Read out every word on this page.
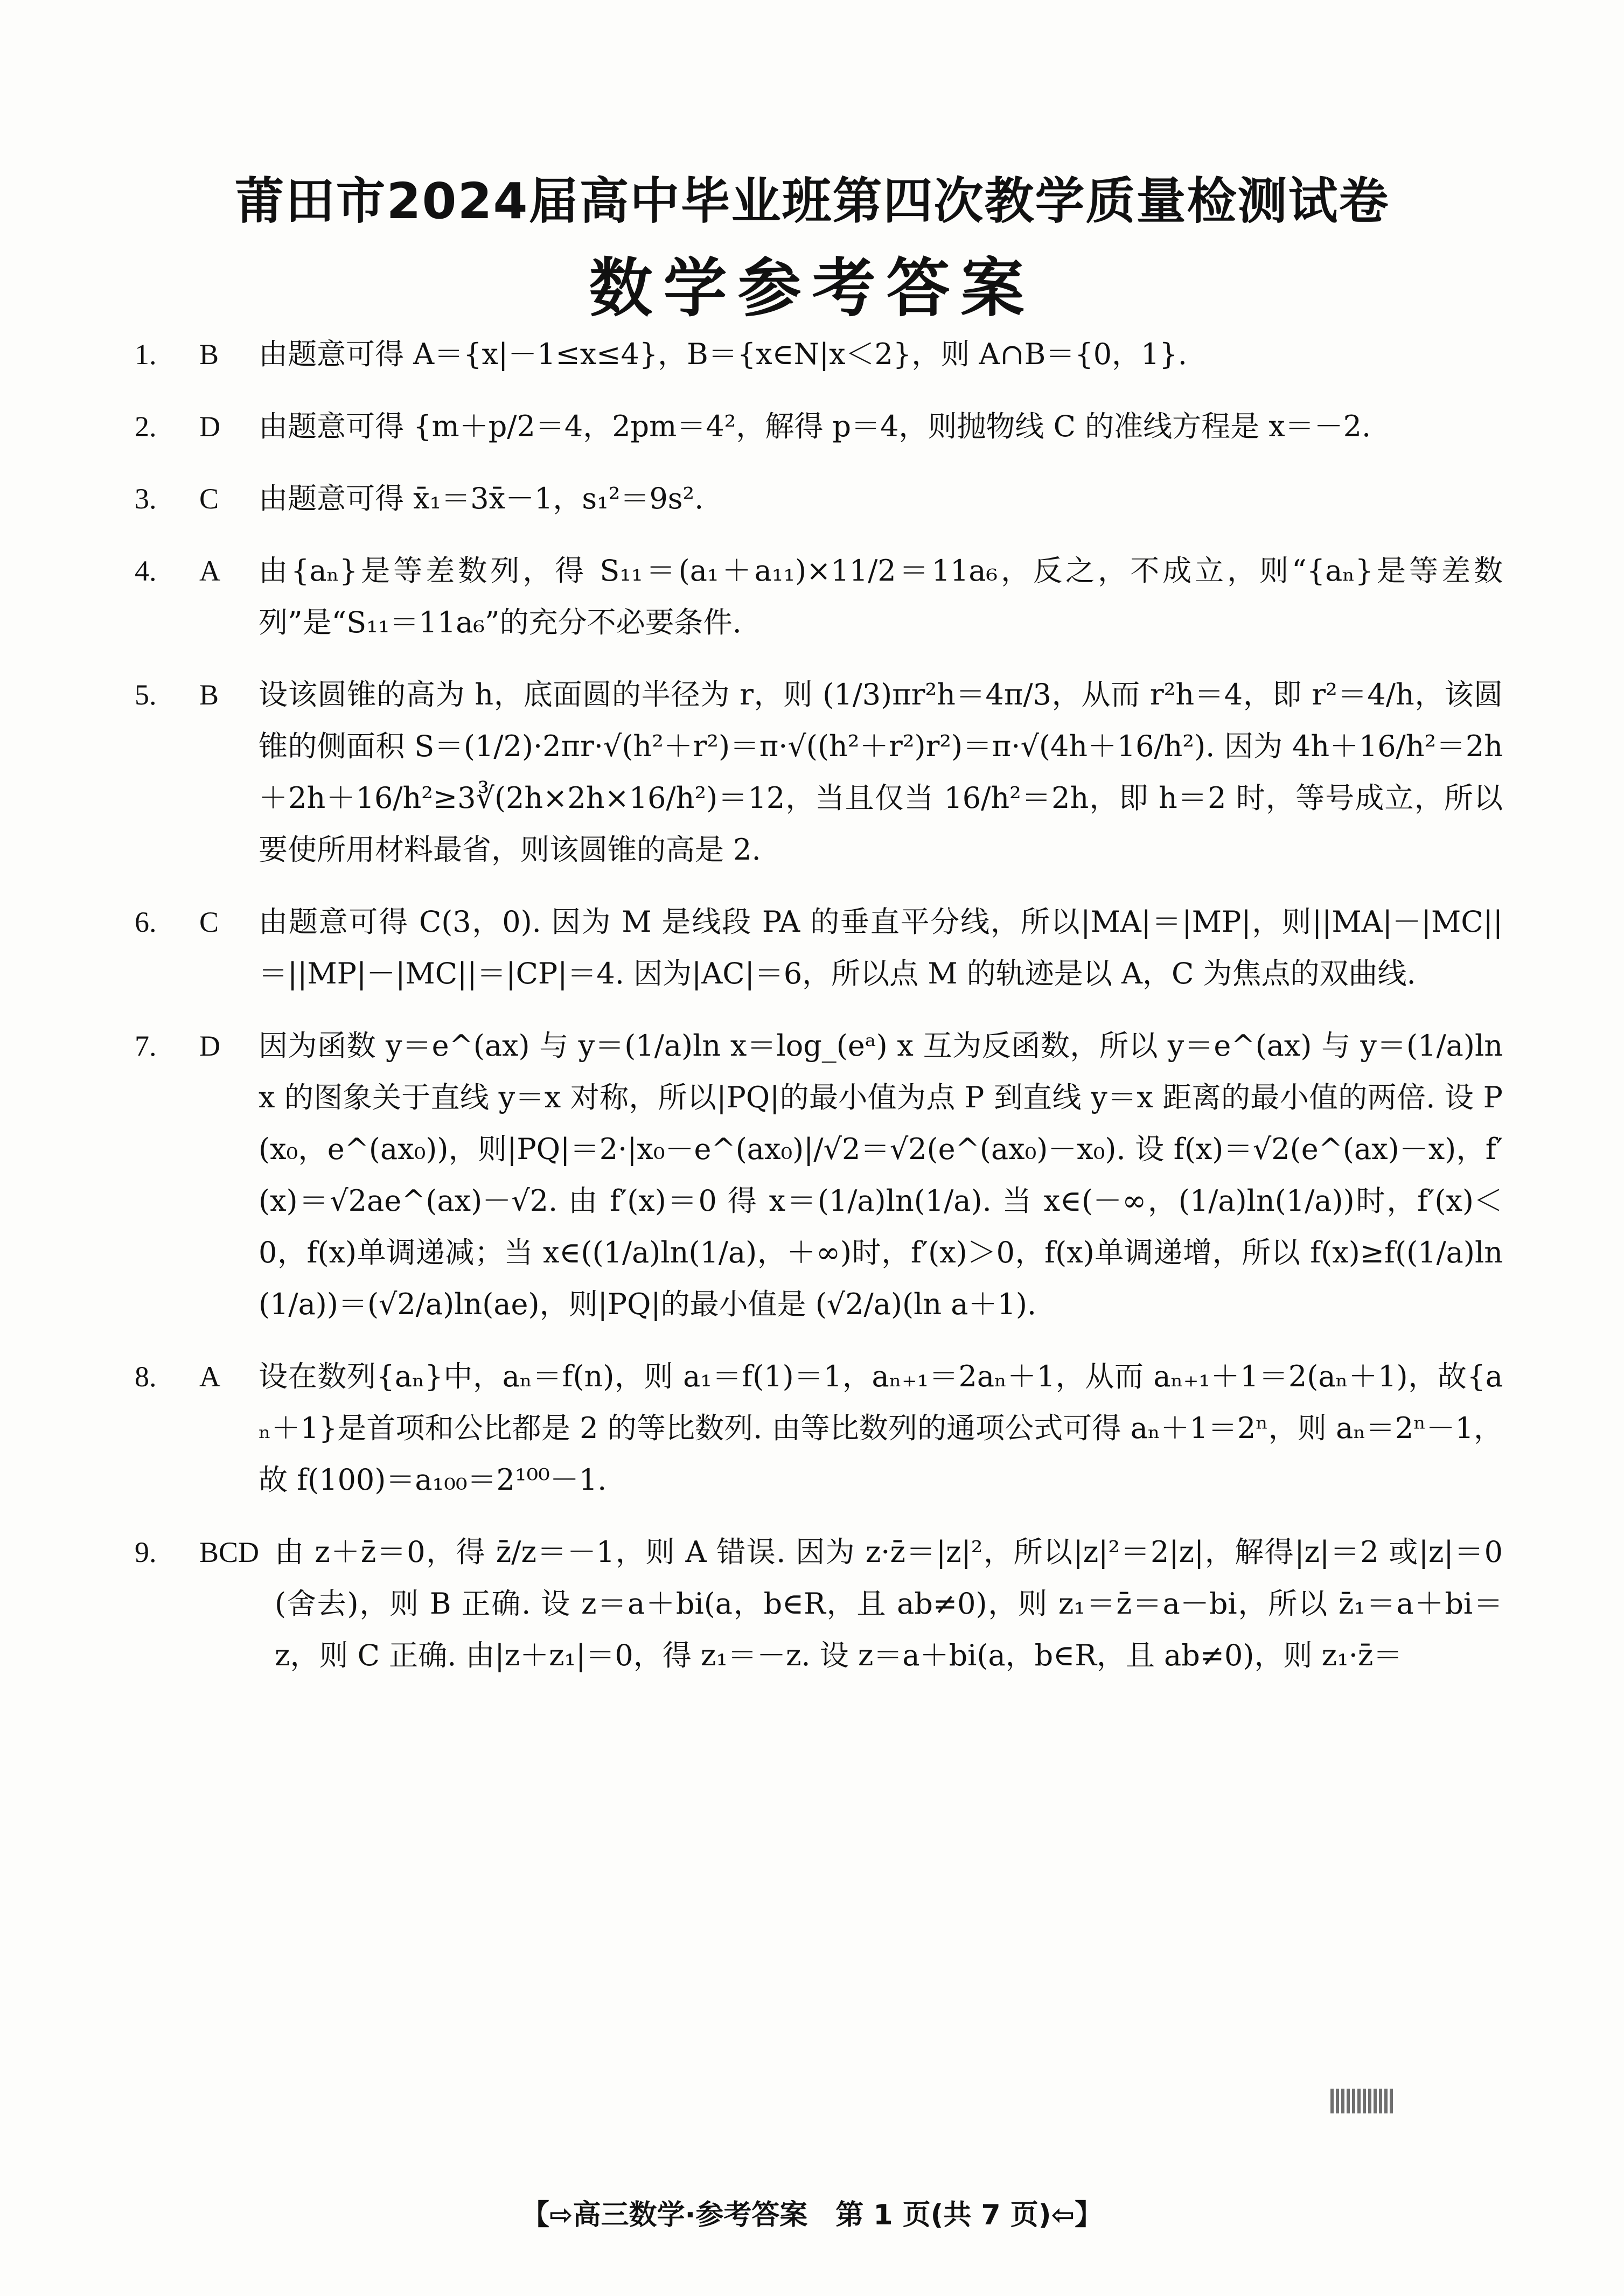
莆田市2024届高中毕业班第四次教学质量检测试卷
数学参考答案
1.	B	由题意可得 A＝{x|－1≤x≤4}，B＝{x∈N|x＜2}，则 A∩B＝{0，1}.
2.	D	由题意可得 {m＋p/2＝4，2pm＝4²，解得 p＝4，则抛物线 C 的准线方程是 x＝－2.
3.	C	由题意可得 x̄₁＝3x̄－1，s₁²＝9s².
4.	A	由{aₙ}是等差数列，得 S₁₁＝(a₁＋a₁₁)×11/2＝11a₆，反之，不成立，则“{aₙ}是等差数列”是“S₁₁＝11a₆”的充分不必要条件.
5.	B	设该圆锥的高为 h，底面圆的半径为 r，则 (1/3)πr²h＝4π/3，从而 r²h＝4，即 r²＝4/h，该圆锥的侧面积 S＝(1/2)·2πr·√(h²＋r²)＝π·√((h²＋r²)r²)＝π·√(4h＋16/h²). 因为 4h＋16/h²＝2h＋2h＋16/h²≥3∛(2h×2h×16/h²)＝12，当且仅当 16/h²＝2h，即 h＝2 时，等号成立，所以要使所用材料最省，则该圆锥的高是 2.
6.	C	由题意可得 C(3，0). 因为 M 是线段 PA 的垂直平分线，所以|MA|＝|MP|，则||MA|－|MC||＝||MP|－|MC||＝|CP|＝4. 因为|AC|＝6，所以点 M 的轨迹是以 A，C 为焦点的双曲线.
7.	D	因为函数 y＝e^(ax) 与 y＝(1/a)ln x＝log_(eᵃ) x 互为反函数，所以 y＝e^(ax) 与 y＝(1/a)ln x 的图象关于直线 y＝x 对称，所以|PQ|的最小值为点 P 到直线 y＝x 距离的最小值的两倍. 设 P(x₀，e^(ax₀))，则|PQ|＝2·|x₀－e^(ax₀)|/√2＝√2(e^(ax₀)－x₀). 设 f(x)＝√2(e^(ax)－x)，f′(x)＝√2ae^(ax)－√2. 由 f′(x)＝0 得 x＝(1/a)ln(1/a). 当 x∈(－∞，(1/a)ln(1/a))时，f′(x)＜0，f(x)单调递减；当 x∈((1/a)ln(1/a)，＋∞)时，f′(x)＞0，f(x)单调递增，所以 f(x)≥f((1/a)ln(1/a))＝(√2/a)ln(ae)，则|PQ|的最小值是 (√2/a)(ln a＋1).
8.	A	设在数列{aₙ}中，aₙ＝f(n)，则 a₁＝f(1)＝1，aₙ₊₁＝2aₙ＋1，从而 aₙ₊₁＋1＝2(aₙ＋1)，故{aₙ＋1}是首项和公比都是 2 的等比数列. 由等比数列的通项公式可得 aₙ＋1＝2ⁿ，则 aₙ＝2ⁿ－1，故 f(100)＝a₁₀₀＝2¹⁰⁰－1.
9.	BCD 由 z＋z̄＝0，得 z̄/z＝－1，则 A 错误. 因为 z·z̄＝|z|²，所以|z|²＝2|z|，解得|z|＝2 或|z|＝0(舍去)，则 B 正确. 设 z＝a＋bi(a，b∈R，且 ab≠0)，则 z₁＝z̄＝a－bi，所以 z̄₁＝a＋bi＝z，则 C 正确. 由|z＋z₁|＝0，得 z₁＝－z. 设 z＝a＋bi(a，b∈R，且 ab≠0)，则 z₁·z̄＝
【⇨高三数学·参考答案　第 1 页(共 7 页)⇦】
